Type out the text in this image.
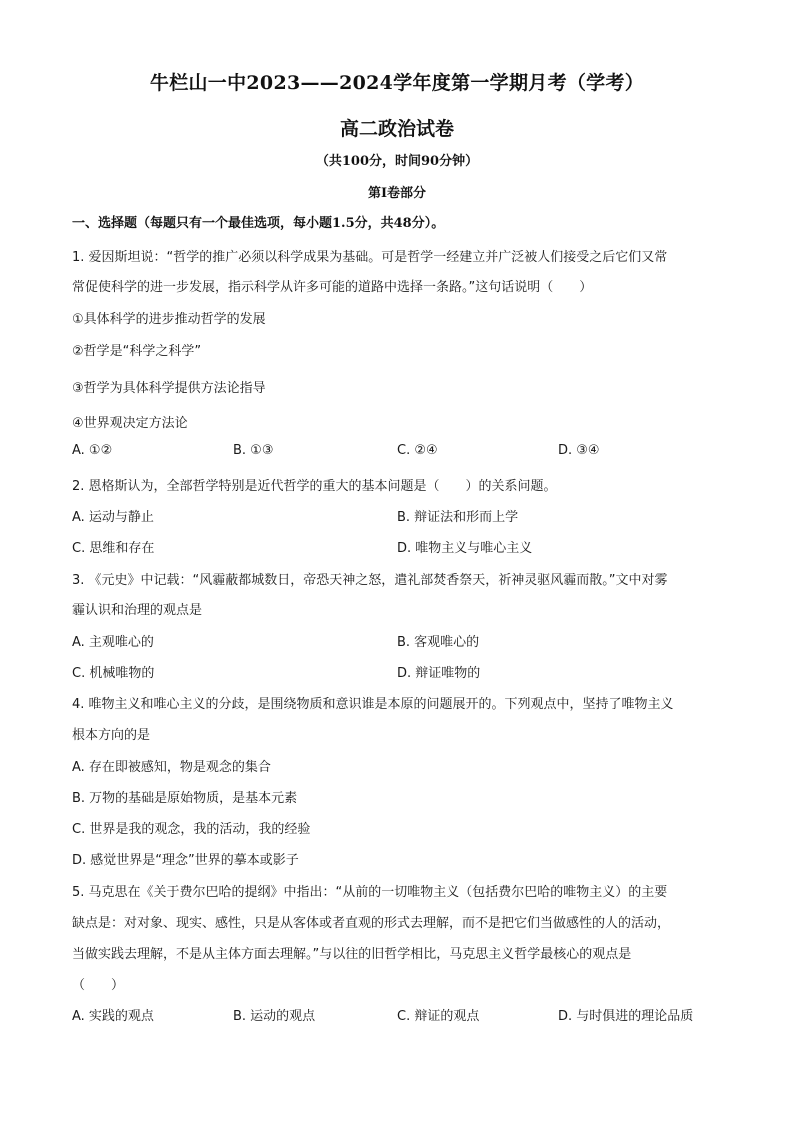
牛栏山一中2023——2024学年度第一学期月考（学考）
高二政治试卷
（共100分，时间90分钟）
第Ⅰ卷部分
一、选择题（每题只有一个最佳选项，每小题1.5分，共48分）。
1. 爱因斯坦说：“哲学的推广必须以科学成果为基础。可是哲学一经建立并广泛被人们接受之后它们又常
常促使科学的进一步发展，指示科学从许多可能的道路中选择一条路。”这句话说明（　　）
①具体科学的进步推动哲学的发展
②哲学是“科学之科学”
③哲学为具体科学提供方法论指导
④世界观决定方法论
A. ①②	B. ①③	C. ②④	D. ③④
2. 恩格斯认为，全部哲学特别是近代哲学的重大的基本问题是（　　）的关系问题。
A. 运动与静止	B. 辩证法和形而上学
C. 思维和存在	D. 唯物主义与唯心主义
3. 《元史》中记载：“风霾蔽都城数日，帝恐天神之怒，遣礼部焚香祭天，祈神灵驱风霾而散。”文中对雾
霾认识和治理的观点是
A. 主观唯心的	B. 客观唯心的
C. 机械唯物的	D. 辩证唯物的
4. 唯物主义和唯心主义的分歧，是围绕物质和意识谁是本原的问题展开的。下列观点中，坚持了唯物主义
根本方向的是
A. 存在即被感知，物是观念的集合
B. 万物的基础是原始物质，是基本元素
C. 世界是我的观念，我的活动，我的经验
D. 感觉世界是“理念”世界的摹本或影子
5. 马克思在《关于费尔巴哈的提纲》中指出：“从前的一切唯物主义（包括费尔巴哈的唯物主义）的主要
缺点是：对对象、现实、感性，只是从客体或者直观的形式去理解，而不是把它们当做感性的人的活动，
当做实践去理解，不是从主体方面去理解。”与以往的旧哲学相比，马克思主义哲学最核心的观点是
（　　）
A. 实践的观点	B. 运动的观点	C. 辩证的观点	D. 与时俱进的理论品质
